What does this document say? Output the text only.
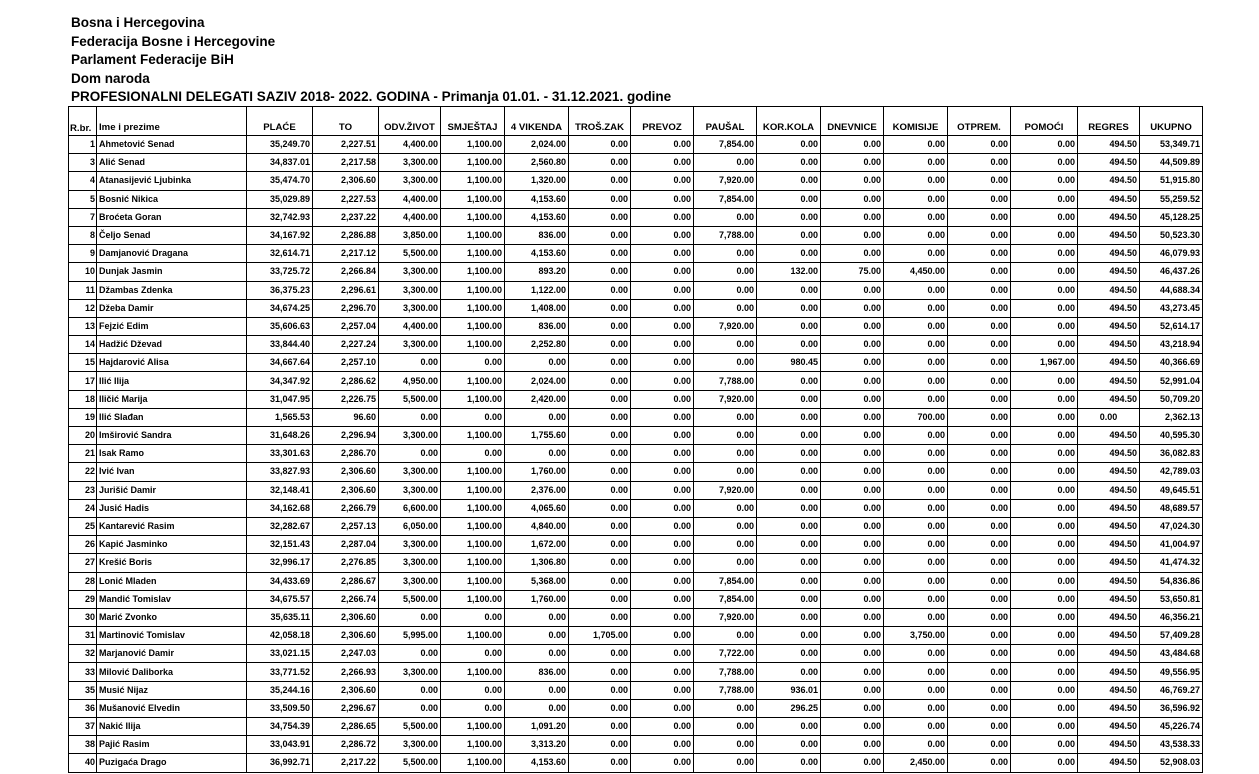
Bosna i Hercegovina
Federacija Bosne i Hercegovine
Parlament Federacije BiH
Dom naroda
PROFESIONALNI DELEGATI SAZIV 2018- 2022. GODINA - Primanja 01.01. - 31.12.2021. godine
R.br.	Ime i prezime	PLAĆE	TO	ODV.ŽIVOT	SMJEŠTAJ	4 VIKENDA	TROŠ.ZAK	PREVOZ	PAUŠAL	KOR.KOLA	DNEVNICE	KOMISIJE	OTPREM.	POMOĆI	REGRES	UKUPNO
1	Ahmetović Senad	35,249.70	2,227.51	4,400.00	1,100.00	2,024.00	0.00	0.00	7,854.00	0.00	0.00	0.00	0.00	0.00	494.50	53,349.71
3	Alić Senad	34,837.01	2,217.58	3,300.00	1,100.00	2,560.80	0.00	0.00	0.00	0.00	0.00	0.00	0.00	0.00	494.50	44,509.89
4	Atanasijević Ljubinka	35,474.70	2,306.60	3,300.00	1,100.00	1,320.00	0.00	0.00	7,920.00	0.00	0.00	0.00	0.00	0.00	494.50	51,915.80
5	Bosnić Nikica	35,029.89	2,227.53	4,400.00	1,100.00	4,153.60	0.00	0.00	7,854.00	0.00	0.00	0.00	0.00	0.00	494.50	55,259.52
7	Broćeta Goran	32,742.93	2,237.22	4,400.00	1,100.00	4,153.60	0.00	0.00	0.00	0.00	0.00	0.00	0.00	0.00	494.50	45,128.25
8	Čeljo Senad	34,167.92	2,286.88	3,850.00	1,100.00	836.00	0.00	0.00	7,788.00	0.00	0.00	0.00	0.00	0.00	494.50	50,523.30
9	Damjanović Dragana	32,614.71	2,217.12	5,500.00	1,100.00	4,153.60	0.00	0.00	0.00	0.00	0.00	0.00	0.00	0.00	494.50	46,079.93
10	Dunjak Jasmin	33,725.72	2,266.84	3,300.00	1,100.00	893.20	0.00	0.00	0.00	132.00	75.00	4,450.00	0.00	0.00	494.50	46,437.26
11	Džambas Zdenka	36,375.23	2,296.61	3,300.00	1,100.00	1,122.00	0.00	0.00	0.00	0.00	0.00	0.00	0.00	0.00	494.50	44,688.34
12	Džeba Damir	34,674.25	2,296.70	3,300.00	1,100.00	1,408.00	0.00	0.00	0.00	0.00	0.00	0.00	0.00	0.00	494.50	43,273.45
13	Fejzić Edim	35,606.63	2,257.04	4,400.00	1,100.00	836.00	0.00	0.00	7,920.00	0.00	0.00	0.00	0.00	0.00	494.50	52,614.17
14	Hadžić Dževad	33,844.40	2,227.24	3,300.00	1,100.00	2,252.80	0.00	0.00	0.00	0.00	0.00	0.00	0.00	0.00	494.50	43,218.94
15	Hajdarović Alisa	34,667.64	2,257.10	0.00	0.00	0.00	0.00	0.00	0.00	980.45	0.00	0.00	0.00	1,967.00	494.50	40,366.69
17	Ilić Ilija	34,347.92	2,286.62	4,950.00	1,100.00	2,024.00	0.00	0.00	7,788.00	0.00	0.00	0.00	0.00	0.00	494.50	52,991.04
18	Iličić Marija	31,047.95	2,226.75	5,500.00	1,100.00	2,420.00	0.00	0.00	7,920.00	0.00	0.00	0.00	0.00	0.00	494.50	50,709.20
19	Ilić Slađan	1,565.53	96.60	0.00	0.00	0.00	0.00	0.00	0.00	0.00	0.00	700.00	0.00	0.00	0.00	2,362.13
20	Imširović Sandra	31,648.26	2,296.94	3,300.00	1,100.00	1,755.60	0.00	0.00	0.00	0.00	0.00	0.00	0.00	0.00	494.50	40,595.30
21	Isak Ramo	33,301.63	2,286.70	0.00	0.00	0.00	0.00	0.00	0.00	0.00	0.00	0.00	0.00	0.00	494.50	36,082.83
22	Ivić Ivan	33,827.93	2,306.60	3,300.00	1,100.00	1,760.00	0.00	0.00	0.00	0.00	0.00	0.00	0.00	0.00	494.50	42,789.03
23	Jurišić Damir	32,148.41	2,306.60	3,300.00	1,100.00	2,376.00	0.00	0.00	7,920.00	0.00	0.00	0.00	0.00	0.00	494.50	49,645.51
24	Jusić Hadis	34,162.68	2,266.79	6,600.00	1,100.00	4,065.60	0.00	0.00	0.00	0.00	0.00	0.00	0.00	0.00	494.50	48,689.57
25	Kantarević Rasim	32,282.67	2,257.13	6,050.00	1,100.00	4,840.00	0.00	0.00	0.00	0.00	0.00	0.00	0.00	0.00	494.50	47,024.30
26	Kapić Jasminko	32,151.43	2,287.04	3,300.00	1,100.00	1,672.00	0.00	0.00	0.00	0.00	0.00	0.00	0.00	0.00	494.50	41,004.97
27	Krešić Boris	32,996.17	2,276.85	3,300.00	1,100.00	1,306.80	0.00	0.00	0.00	0.00	0.00	0.00	0.00	0.00	494.50	41,474.32
28	Lonić Mladen	34,433.69	2,286.67	3,300.00	1,100.00	5,368.00	0.00	0.00	7,854.00	0.00	0.00	0.00	0.00	0.00	494.50	54,836.86
29	Mandić Tomislav	34,675.57	2,266.74	5,500.00	1,100.00	1,760.00	0.00	0.00	7,854.00	0.00	0.00	0.00	0.00	0.00	494.50	53,650.81
30	Marić Zvonko	35,635.11	2,306.60	0.00	0.00	0.00	0.00	0.00	7,920.00	0.00	0.00	0.00	0.00	0.00	494.50	46,356.21
31	Martinović Tomislav	42,058.18	2,306.60	5,995.00	1,100.00	0.00	1,705.00	0.00	0.00	0.00	0.00	3,750.00	0.00	0.00	494.50	57,409.28
32	Marjanović Damir	33,021.15	2,247.03	0.00	0.00	0.00	0.00	0.00	7,722.00	0.00	0.00	0.00	0.00	0.00	494.50	43,484.68
33	Milović Daliborka	33,771.52	2,266.93	3,300.00	1,100.00	836.00	0.00	0.00	7,788.00	0.00	0.00	0.00	0.00	0.00	494.50	49,556.95
35	Musić Nijaz	35,244.16	2,306.60	0.00	0.00	0.00	0.00	0.00	7,788.00	936.01	0.00	0.00	0.00	0.00	494.50	46,769.27
36	Mušanović Elvedin	33,509.50	2,296.67	0.00	0.00	0.00	0.00	0.00	0.00	296.25	0.00	0.00	0.00	0.00	494.50	36,596.92
37	Nakić Ilija	34,754.39	2,286.65	5,500.00	1,100.00	1,091.20	0.00	0.00	0.00	0.00	0.00	0.00	0.00	0.00	494.50	45,226.74
38	Pajić Rasim	33,043.91	2,286.72	3,300.00	1,100.00	3,313.20	0.00	0.00	0.00	0.00	0.00	0.00	0.00	0.00	494.50	43,538.33
40	Puzigaća Drago	36,992.71	2,217.22	5,500.00	1,100.00	4,153.60	0.00	0.00	0.00	0.00	0.00	2,450.00	0.00	0.00	494.50	52,908.03
